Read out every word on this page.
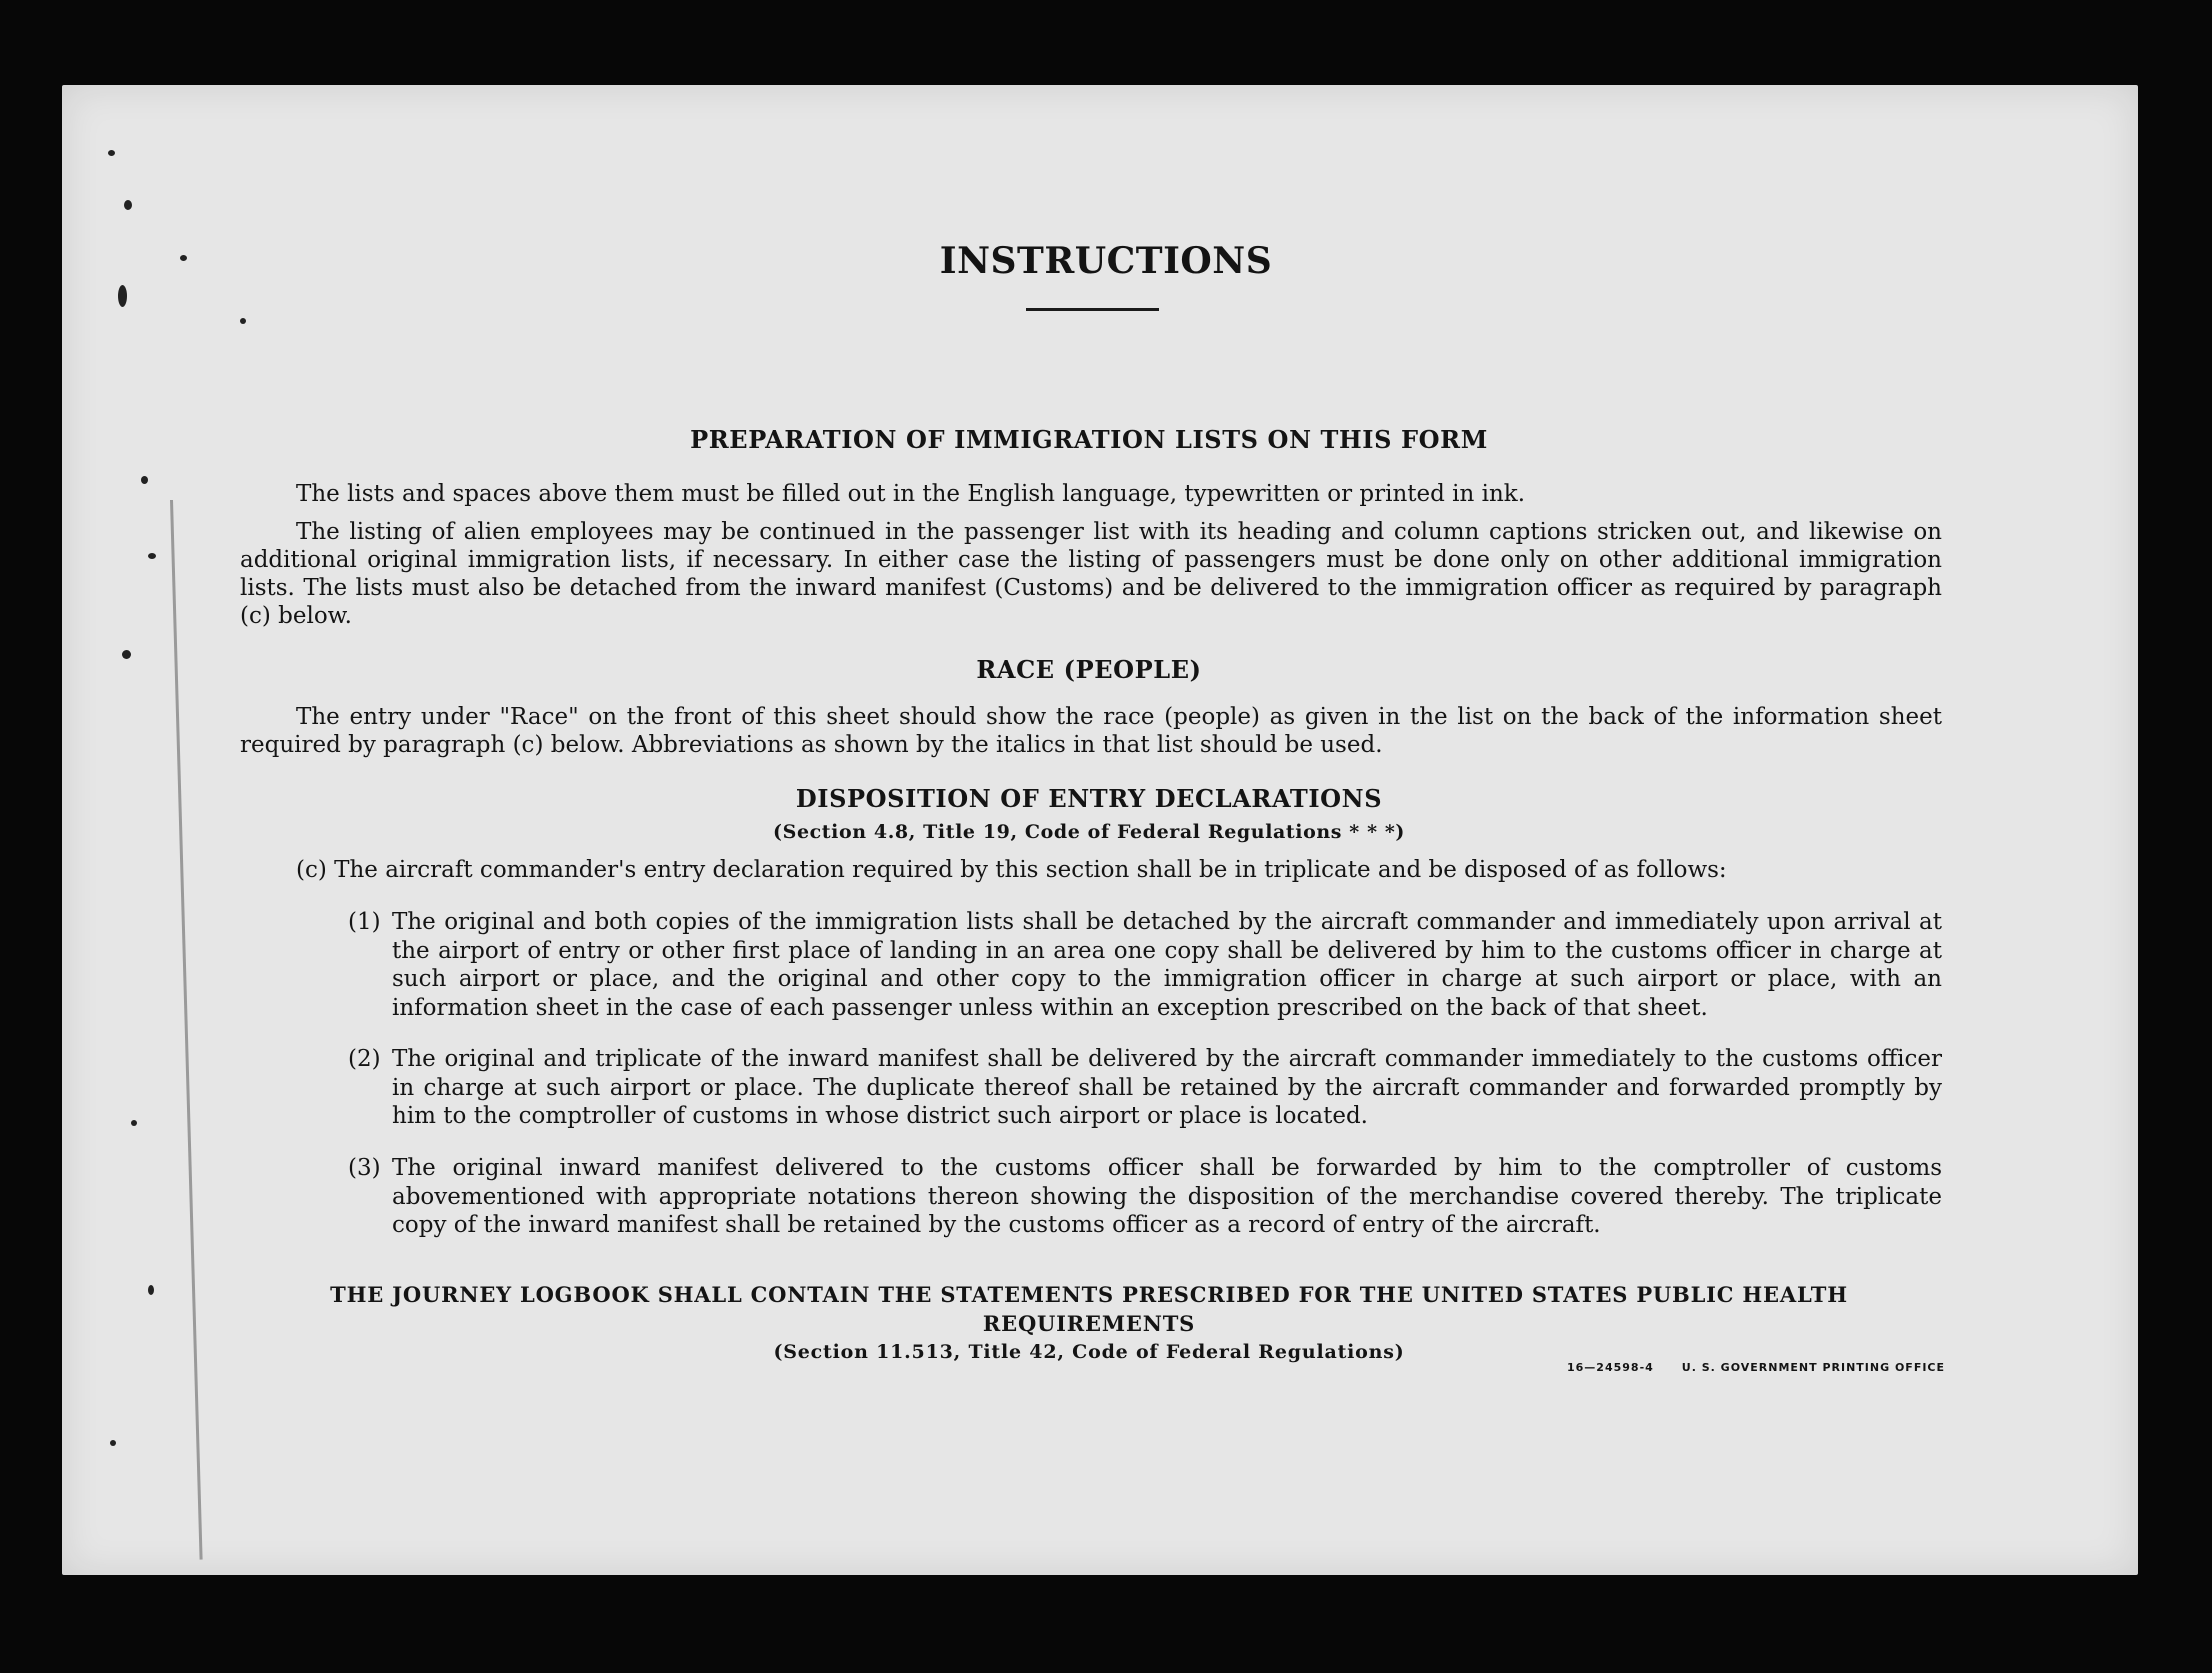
INSTRUCTIONS
PREPARATION OF IMMIGRATION LISTS ON THIS FORM
The lists and spaces above them must be filled out in the English language, typewritten or printed in ink.
The listing of alien employees may be continued in the passenger list with its heading and column captions stricken out, and likewise on additional original immigration lists, if necessary. In either case the listing of passengers must be done only on other additional immigration lists. The lists must also be detached from the inward manifest (Customs) and be delivered to the immigration officer as required by paragraph (c) below.
RACE (PEOPLE)
The entry under "Race" on the front of this sheet should show the race (people) as given in the list on the back of the information sheet required by paragraph (c) below. Abbreviations as shown by the italics in that list should be used.
DISPOSITION OF ENTRY DECLARATIONS
(Section 4.8, Title 19, Code of Federal Regulations * * *)
(c) The aircraft commander's entry declaration required by this section shall be in triplicate and be disposed of as follows:
(1) The original and both copies of the immigration lists shall be detached by the aircraft commander and immediately upon arrival at the airport of entry or other first place of landing in an area one copy shall be delivered by him to the customs officer in charge at such airport or place, and the original and other copy to the immigration officer in charge at such airport or place, with an information sheet in the case of each passenger unless within an exception prescribed on the back of that sheet.
(2) The original and triplicate of the inward manifest shall be delivered by the aircraft commander immediately to the customs officer in charge at such airport or place. The duplicate thereof shall be retained by the aircraft commander and forwarded promptly by him to the comptroller of customs in whose district such airport or place is located.
(3) The original inward manifest delivered to the customs officer shall be forwarded by him to the comptroller of customs abovementioned with appropriate notations thereon showing the disposition of the merchandise covered thereby. The triplicate copy of the inward manifest shall be retained by the customs officer as a record of entry of the aircraft.
THE JOURNEY LOGBOOK SHALL CONTAIN THE STATEMENTS PRESCRIBED FOR THE UNITED STATES PUBLIC HEALTH REQUIREMENTS
(Section 11.513, Title 42, Code of Federal Regulations)
16—24598-4	U. S. GOVERNMENT PRINTING OFFICE
